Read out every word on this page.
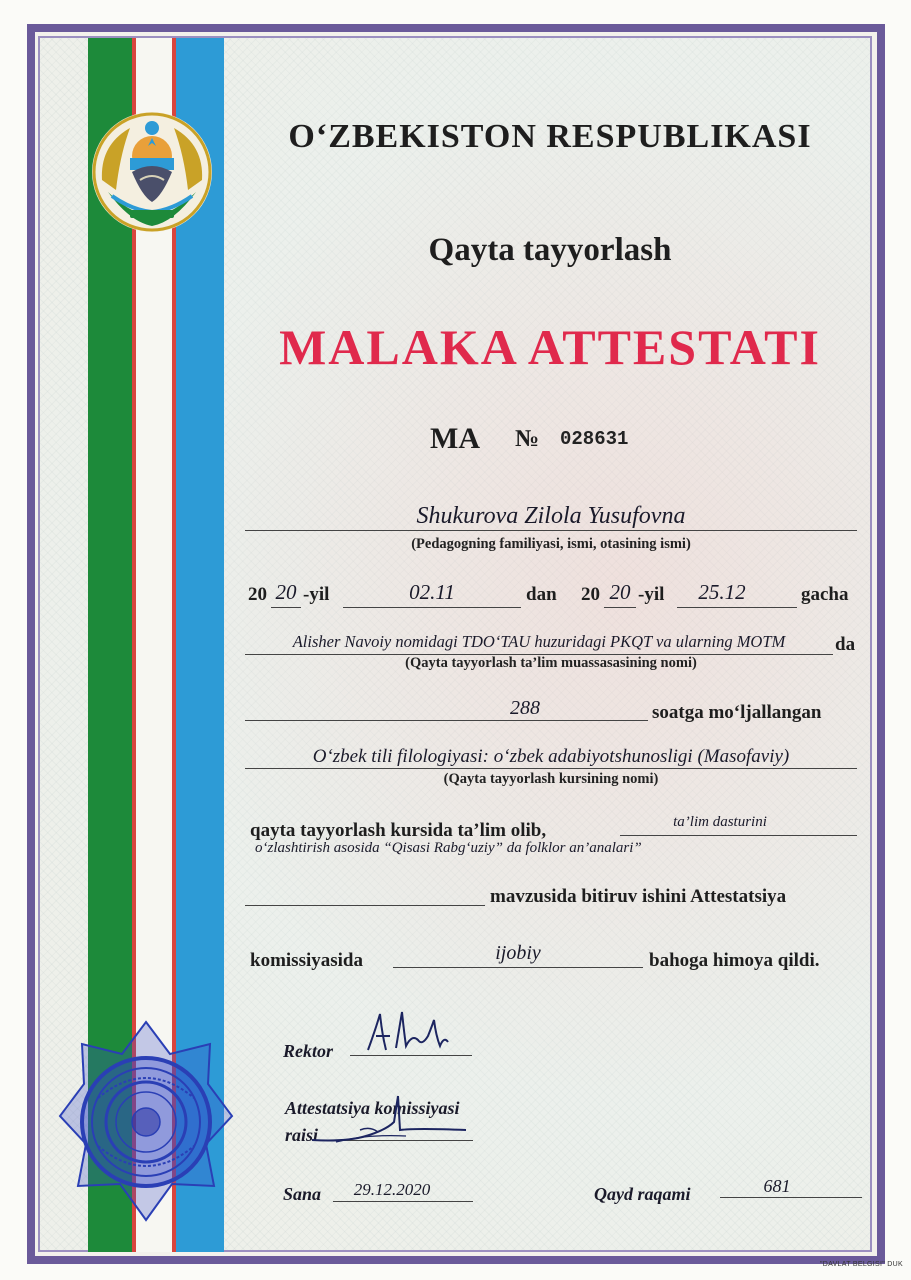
O‘ZBEKISTON RESPUBLIKASI
Qayta tayyorlash
MALAKA ATTESTATI
MA № 028631
Shukurova Zilola Yusufovna
(Pedagogning familiyasi, ismi, otasining ismi)
20 20 -yil	02.11	dan 20 20 -yil	25.12	gacha
Alisher Navoiy nomidagi TDO‘TAU huzuridagi PKQT va ularning MOTM	da
(Qayta tayyorlash ta’lim muassasasining nomi)
288	soatga mo‘ljallangan
O‘zbek tili filologiyasi: o‘zbek adabiyotshunosligi (Masofaviy)
(Qayta tayyorlash kursining nomi)
qayta tayyorlash kursida ta’lim olib,	ta’lim dasturini
o‘zlashtirish asosida “Qisasi Rabg‘uziy” da folklor an’analari”
mavzusida bitiruv ishini Attestatsiya
komissiyasida	ijobiy	bahoga himoya qildi.
Rektor
Attestatsiya komissiyasi
raisi
Sana	29.12.2020	Qayd raqami	681
"DAVLAT BELGISI" DUK
